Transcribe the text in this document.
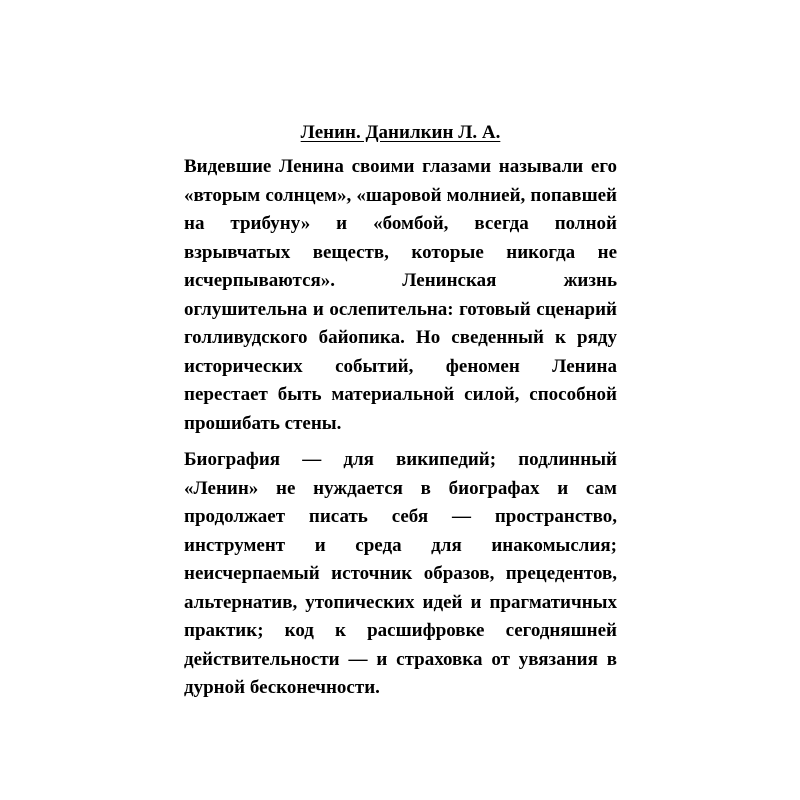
Ленин. Данилкин Л. А.

Видевшие Ленина своими глазами называли его «вторым солнцем», «шаровой молнией, попавшей на трибуну» и «бомбой, всегда полной взрывчатых веществ, которые никогда не исчерпываются». Ленинская жизнь оглушительна и ослепительна: готовый сценарий голливудского байопика. Но сведенный к ряду исторических событий, феномен Ленина перестает быть материальной силой, способной прошибать стены.

Биография — для википедий; подлинный «Ленин» не нуждается в биографах и сам продолжает писать себя — пространство, инструмент и среда для инакомыслия; неисчерпаемый источник образов, прецедентов, альтернатив, утопических идей и прагматичных практик; код к расшифровке сегодняшней действительности — и страховка от увязания в дурной бесконечности.
